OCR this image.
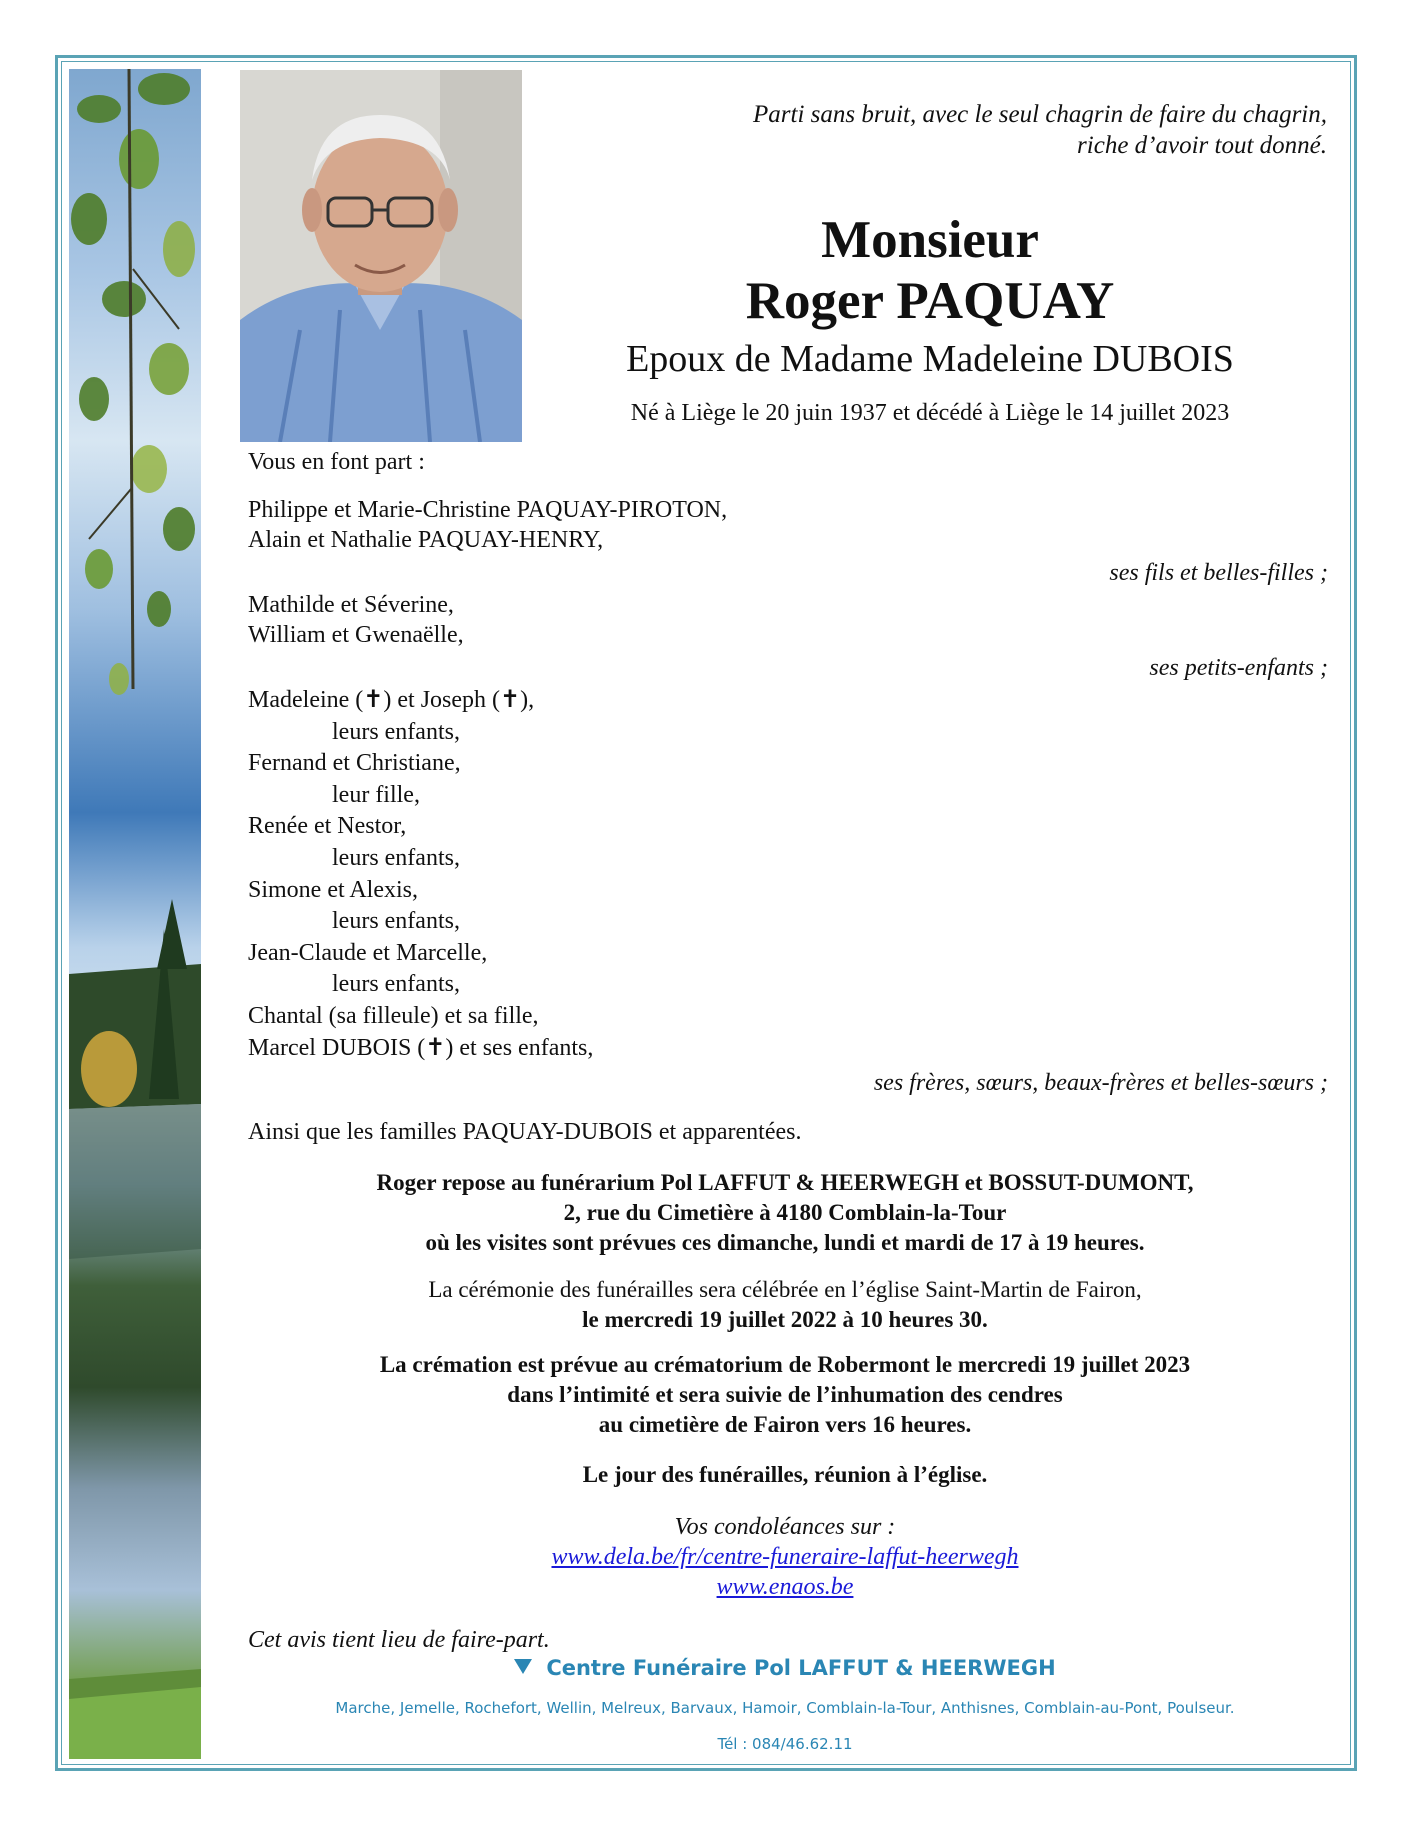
Parti sans bruit, avec le seul chagrin de faire du chagrin,
riche d’avoir tout donné.
Monsieur
Roger PAQUAY
Epoux de Madame Madeleine DUBOIS
Né à Liège le 20 juin 1937 et décédé à Liège le 14 juillet 2023
Vous en font part :
Philippe et Marie-Christine PAQUAY-PIROTON,
Alain et Nathalie PAQUAY-HENRY,
ses fils et belles-filles ;
Mathilde et Séverine,
William et Gwenaëlle,
ses petits-enfants ;
Madeleine (✝) et Joseph (✝),
leurs enfants,
Fernand et Christiane,
leur fille,
Renée et Nestor,
leurs enfants,
Simone et Alexis,
leurs enfants,
Jean-Claude et Marcelle,
leurs enfants,
Chantal (sa filleule) et sa fille,
Marcel DUBOIS (✝) et ses enfants,
ses frères, sœurs, beaux-frères et belles-sœurs ;
Ainsi que les familles PAQUAY-DUBOIS et apparentées.
Roger repose au funérarium Pol LAFFUT & HEERWEGH et BOSSUT-DUMONT,
2, rue du Cimetière à 4180 Comblain-la-Tour
où les visites sont prévues ces dimanche, lundi et mardi de 17 à 19 heures.
La cérémonie des funérailles sera célébrée en l’église Saint-Martin de Fairon,
le mercredi 19 juillet 2022 à 10 heures 30.
La crémation est prévue au crématorium de Robermont le mercredi 19 juillet 2023
dans l’intimité et sera suivie de l’inhumation des cendres
au cimetière de Fairon vers 16 heures.
Le jour des funérailles, réunion à l’église.
Vos condoléances sur :
www.dela.be/fr/centre-funeraire-laffut-heerwegh
www.enaos.be
Cet avis tient lieu de faire-part.
Centre Funéraire Pol LAFFUT & HEERWEGH
Marche, Jemelle, Rochefort, Wellin, Melreux, Barvaux, Hamoir, Comblain-la-Tour, Anthisnes, Comblain-au-Pont, Poulseur.
Tél : 084/46.62.11
